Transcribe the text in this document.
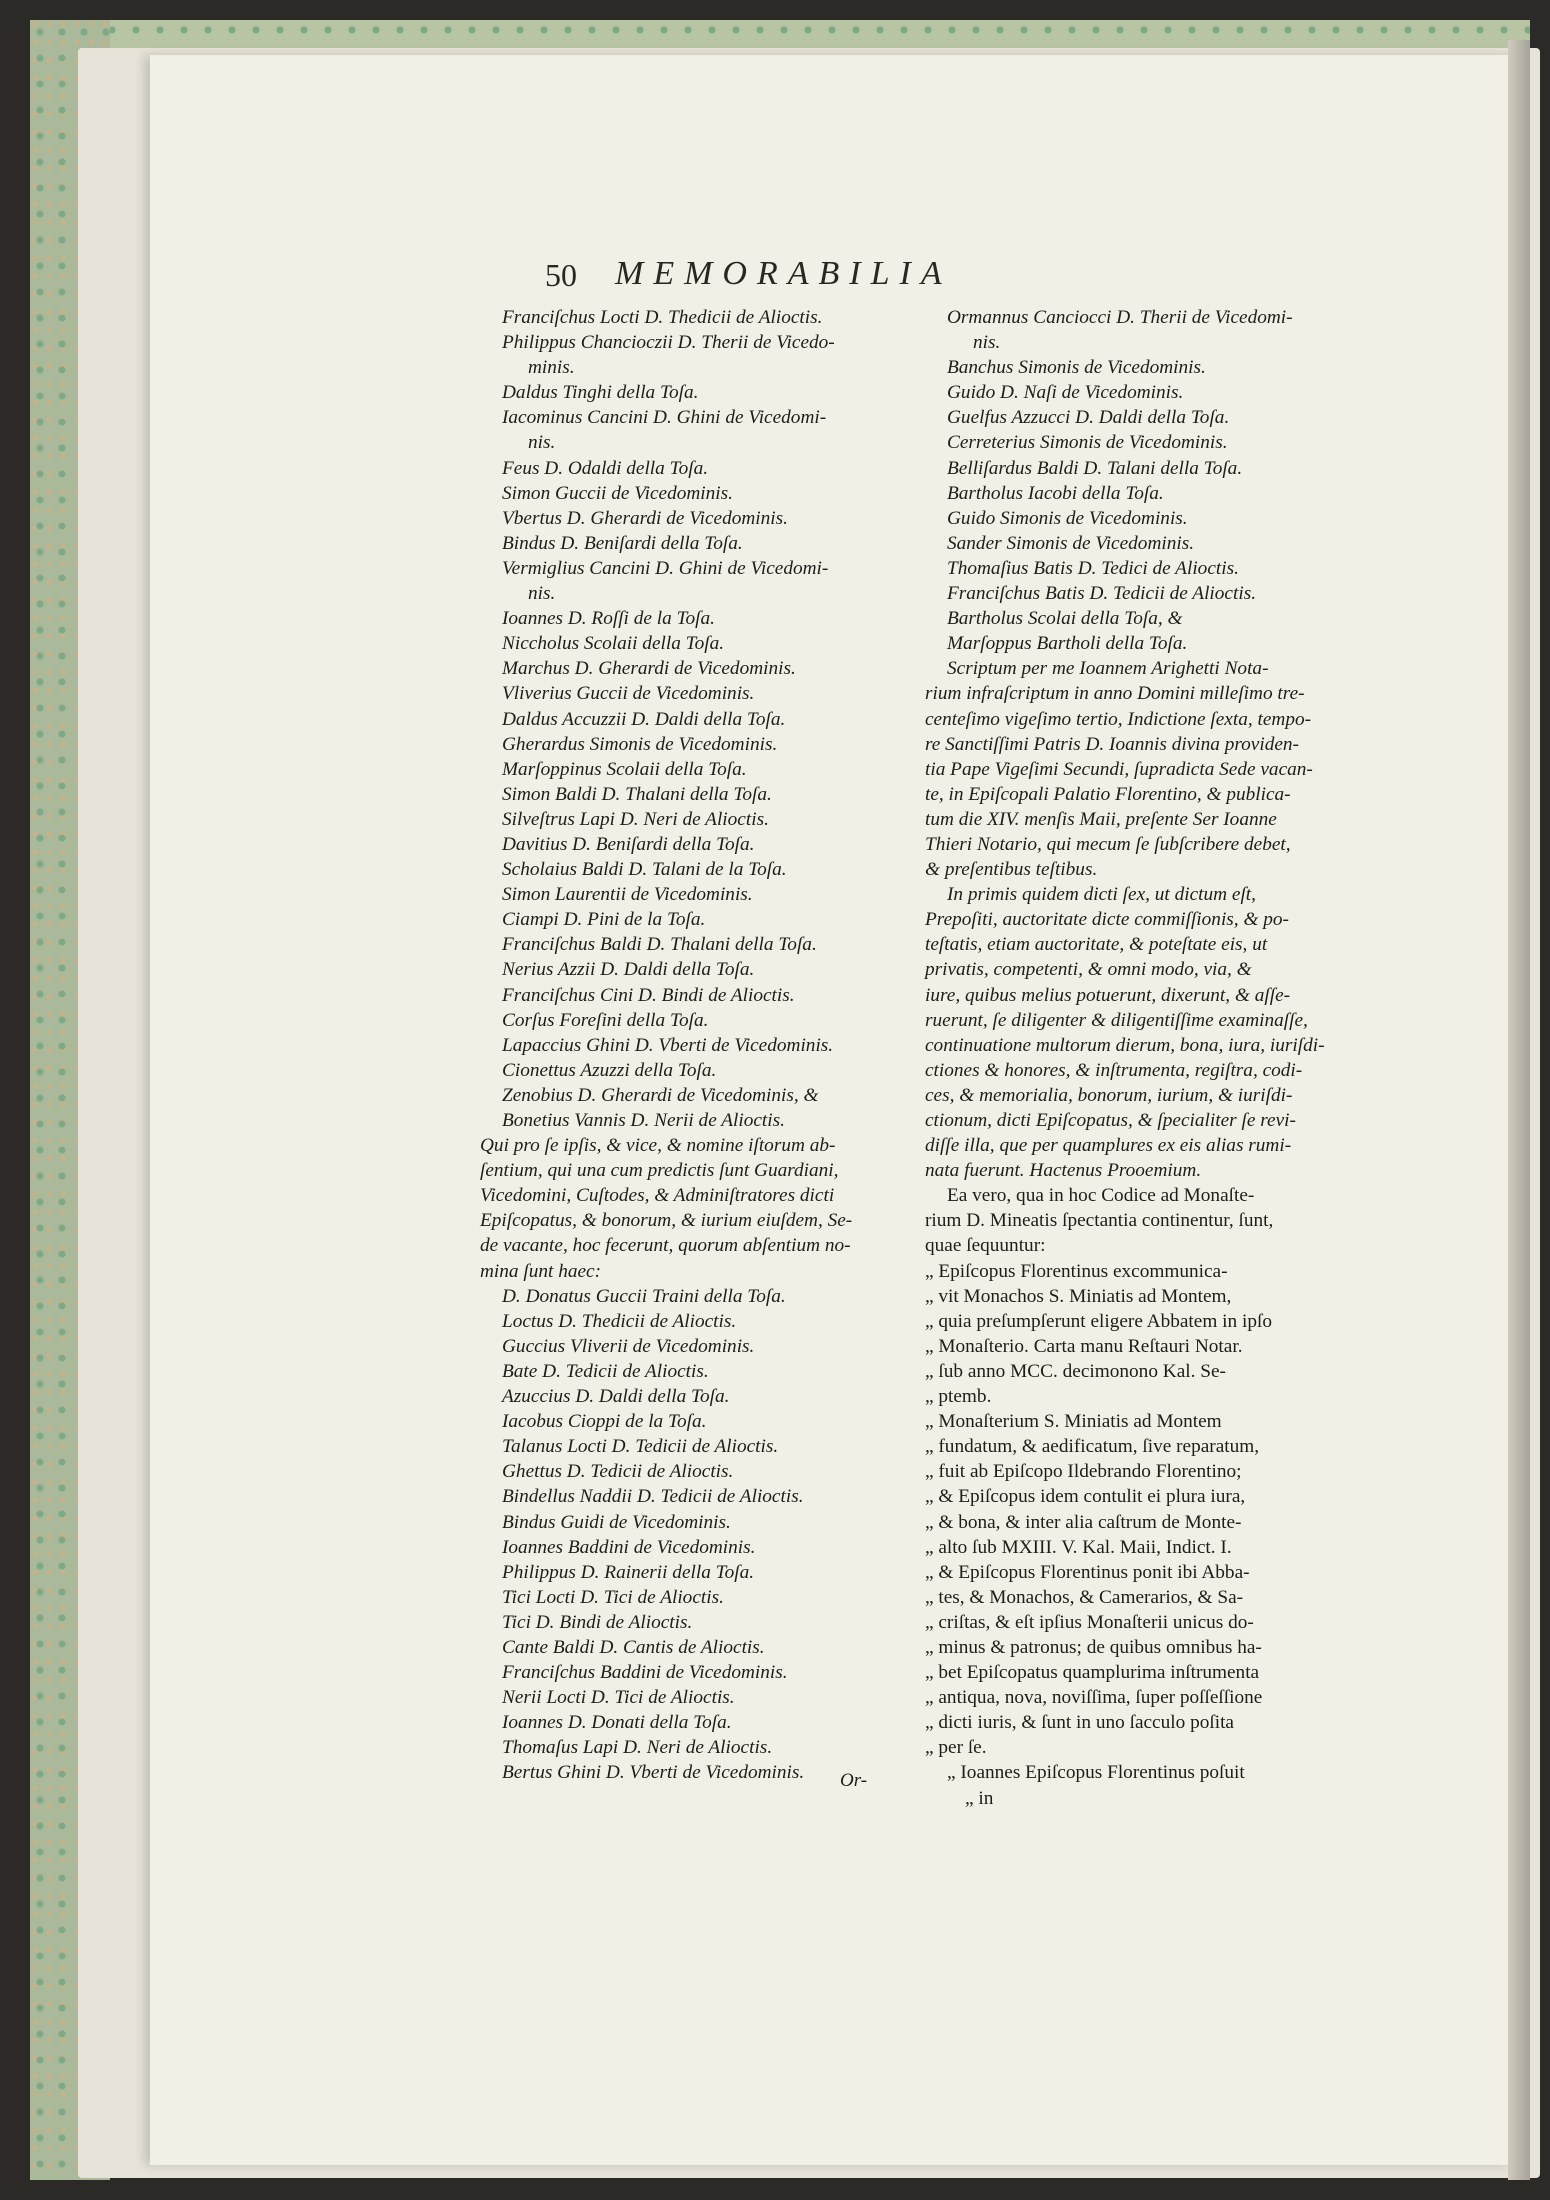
50 MEMORABILIA
Franciſchus Locti D. Thedicii de Alioctis.
Philippus Chancioczii D. Therii de Vicedo-
minis.
Daldus Tinghi della Toſa.
Iacominus Cancini D. Ghini de Vicedomi-
nis.
Feus D. Odaldi della Toſa.
Simon Guccii de Vicedominis.
Vbertus D. Gherardi de Vicedominis.
Bindus D. Beniſardi della Toſa.
Vermiglius Cancini D. Ghini de Vicedomi-
nis.
Ioannes D. Roſſi de la Toſa.
Niccholus Scolaii della Toſa.
Marchus D. Gherardi de Vicedominis.
Vliverius Guccii de Vicedominis.
Daldus Accuzzii D. Daldi della Toſa.
Gherardus Simonis de Vicedominis.
Marſoppinus Scolaii della Toſa.
Simon Baldi D. Thalani della Toſa.
Silveſtrus Lapi D. Neri de Alioctis.
Davitius D. Beniſardi della Toſa.
Scholaius Baldi D. Talani de la Toſa.
Simon Laurentii de Vicedominis.
Ciampi D. Pini de la Toſa.
Franciſchus Baldi D. Thalani della Toſa.
Nerius Azzii D. Daldi della Toſa.
Franciſchus Cini D. Bindi de Alioctis.
Corſus Foreſini della Toſa.
Lapaccius Ghini D. Vberti de Vicedominis.
Cionettus Azuzzi della Toſa.
Zenobius D. Gherardi de Vicedominis, &
Bonetius Vannis D. Nerii de Alioctis.
Qui pro ſe ipſis, & vice, & nomine iſtorum ab-
ſentium, qui una cum predictis ſunt Guardiani,
Vicedomini, Cuſtodes, & Adminiſtratores dicti
Epiſcopatus, & bonorum, & iurium eiuſdem, Se-
de vacante, hoc fecerunt, quorum abſentium no-
mina ſunt haec:
D. Donatus Guccii Traini della Toſa.
Loctus D. Thedicii de Alioctis.
Guccius Vliverii de Vicedominis.
Bate D. Tedicii de Alioctis.
Azuccius D. Daldi della Toſa.
Iacobus Cioppi de la Toſa.
Talanus Locti D. Tedicii de Alioctis.
Ghettus D. Tedicii de Alioctis.
Bindellus Naddii D. Tedicii de Alioctis.
Bindus Guidi de Vicedominis.
Ioannes Baddini de Vicedominis.
Philippus D. Rainerii della Toſa.
Tici Locti D. Tici de Alioctis.
Tici D. Bindi de Alioctis.
Cante Baldi D. Cantis de Alioctis.
Franciſchus Baddini de Vicedominis.
Nerii Locti D. Tici de Alioctis.
Ioannes D. Donati della Toſa.
Thomaſus Lapi D. Neri de Alioctis.
Bertus Ghini D. Vberti de Vicedominis.
Ormannus Canciocci D. Therii de Vicedomi-
nis.
Banchus Simonis de Vicedominis.
Guido D. Naſi de Vicedominis.
Guelfus Azzucci D. Daldi della Toſa.
Cerreterius Simonis de Vicedominis.
Belliſardus Baldi D. Talani della Toſa.
Bartholus Iacobi della Toſa.
Guido Simonis de Vicedominis.
Sander Simonis de Vicedominis.
Thomaſius Batis D. Tedici de Alioctis.
Franciſchus Batis D. Tedicii de Alioctis.
Bartholus Scolai della Toſa, &
Marſoppus Bartholi della Toſa.
Scriptum per me Ioannem Arighetti Nota-
rium infraſcriptum in anno Domini milleſimo tre-
centeſimo vigeſimo tertio, Indictione ſexta, tempo-
re Sanctiſſimi Patris D. Ioannis divina providen-
tia Pape Vigeſimi Secundi, ſupradicta Sede vacan-
te, in Epiſcopali Palatio Florentino, & publica-
tum die XIV. menſis Maii, preſente Ser Ioanne
Thieri Notario, qui mecum ſe ſubſcribere debet,
& preſentibus teſtibus.
In primis quidem dicti ſex, ut dictum eſt,
Prepoſiti, auctoritate dicte commiſſionis, & po-
teſtatis, etiam auctoritate, & poteſtate eis, ut
privatis, competenti, & omni modo, via, &
iure, quibus melius potuerunt, dixerunt, & aſſe-
ruerunt, ſe diligenter & diligentiſſime examinaſſe,
continuatione multorum dierum, bona, iura, iuriſdi-
ctiones & honores, & inſtrumenta, regiſtra, codi-
ces, & memorialia, bonorum, iurium, & iuriſdi-
ctionum, dicti Epiſcopatus, & ſpecialiter ſe revi-
diſſe illa, que per quamplures ex eis alias rumi-
nata fuerunt. Hactenus Prooemium.
Ea vero, qua in hoc Codice ad Monaſte-
rium D. Mineatis ſpectantia continentur, ſunt,
quae ſequuntur:
„ Epiſcopus Florentinus excommunica-
„ vit Monachos S. Miniatis ad Montem,
„ quia preſumpſerunt eligere Abbatem in ipſo
„ Monaſterio. Carta manu Reſtauri Notar.
„ ſub anno MCC. decimonono Kal. Se-
„ ptemb.
„ Monaſterium S. Miniatis ad Montem
„ fundatum, & aedificatum, ſive reparatum,
„ fuit ab Epiſcopo Ildebrando Florentino;
„ & Epiſcopus idem contulit ei plura iura,
„ & bona, & inter alia caſtrum de Monte-
„ alto ſub MXIII. V. Kal. Maii, Indict. I.
„ & Epiſcopus Florentinus ponit ibi Abba-
„ tes, & Monachos, & Camerarios, & Sa-
„ criſtas, & eſt ipſius Monaſterii unicus do-
„ minus & patronus; de quibus omnibus ha-
„ bet Epiſcopatus quamplurima inſtrumenta
„ antiqua, nova, noviſſima, ſuper poſſeſſione
„ dicti iuris, & ſunt in uno ſacculo poſita
„ per ſe.
„ Ioannes Epiſcopus Florentinus poſuit
„ in
Or-
